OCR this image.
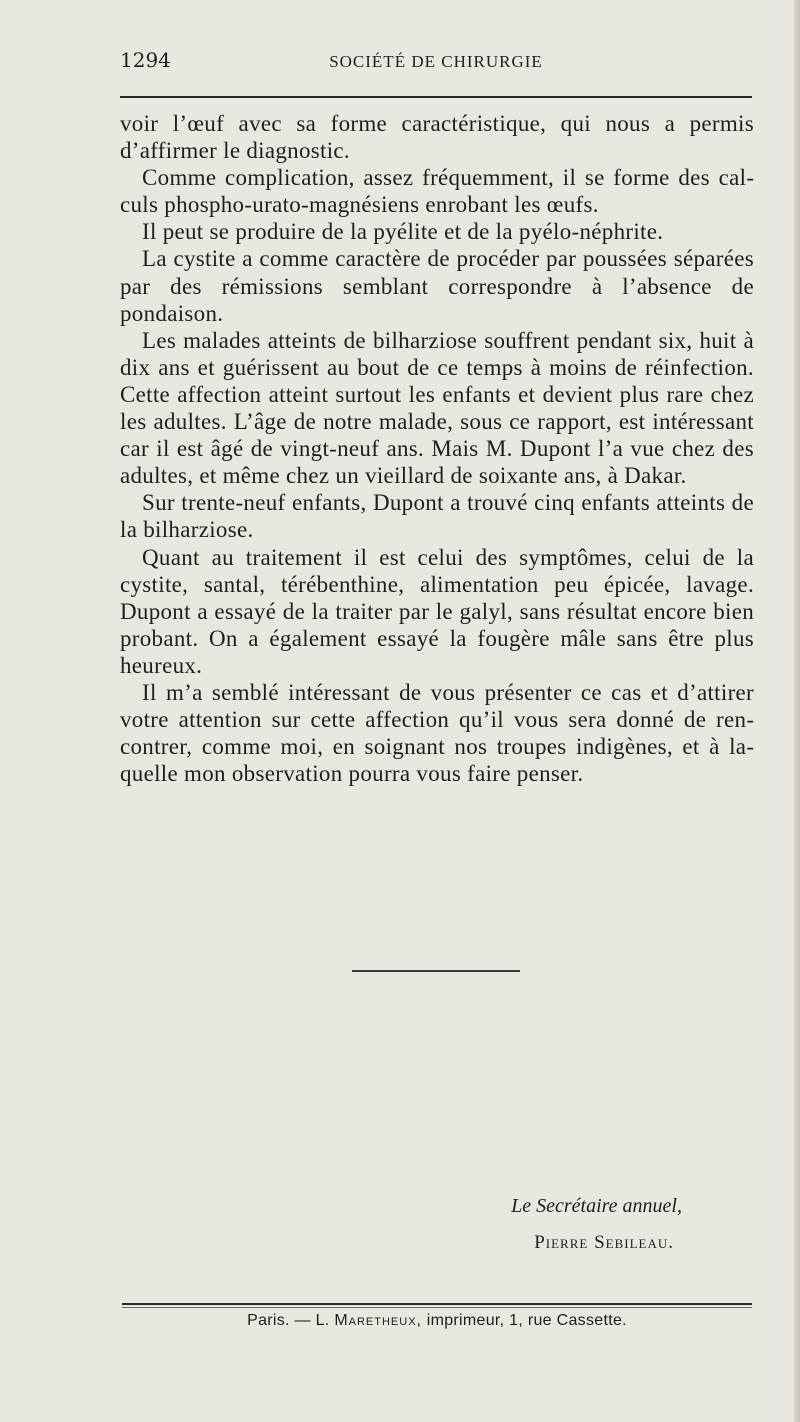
1294	SOCIÉTÉ DE CHIRURGIE

voir l’œuf avec sa forme caractéristique, qui nous a permis d’affirmer le diagnostic.

Comme complication, assez fréquemment, il se forme des calculs phospho-urato-magnésiens enrobant les œufs.

Il peut se produire de la pyélite et de la pyélo-néphrite.

La cystite a comme caractère de procéder par poussées séparées par des rémissions semblant correspondre à l’absence de pondaison.

Les malades atteints de bilharziose souffrent pendant six, huit à dix ans et guérissent au bout de ce temps à moins de réinfection. Cette affection atteint surtout les enfants et devient plus rare chez les adultes. L’âge de notre malade, sous ce rapport, est intéressant car il est âgé de vingt-neuf ans. Mais M. Dupont l’a vue chez des adultes, et même chez un vieillard de soixante ans, à Dakar.

Sur trente-neuf enfants, Dupont a trouvé cinq enfants atteints de la bilharziose.

Quant au traitement il est celui des symptômes, celui de la cystite, santal, térébenthine, alimentation peu épicée, lavage. Dupont a essayé de la traiter par le galyl, sans résultat encore bien probant. On a également essayé la fougère mâle sans être plus heureux.

Il m’a semblé intéressant de vous présenter ce cas et d’attirer votre attention sur cette affection qu’il vous sera donné de rencontrer, comme moi, en soignant nos troupes indigènes, et à laquelle mon observation pourra vous faire penser.

Le Secrétaire annuel,
Pierre Sebileau.
Paris. — L. Maretheux, imprimeur, 1, rue Cassette.
